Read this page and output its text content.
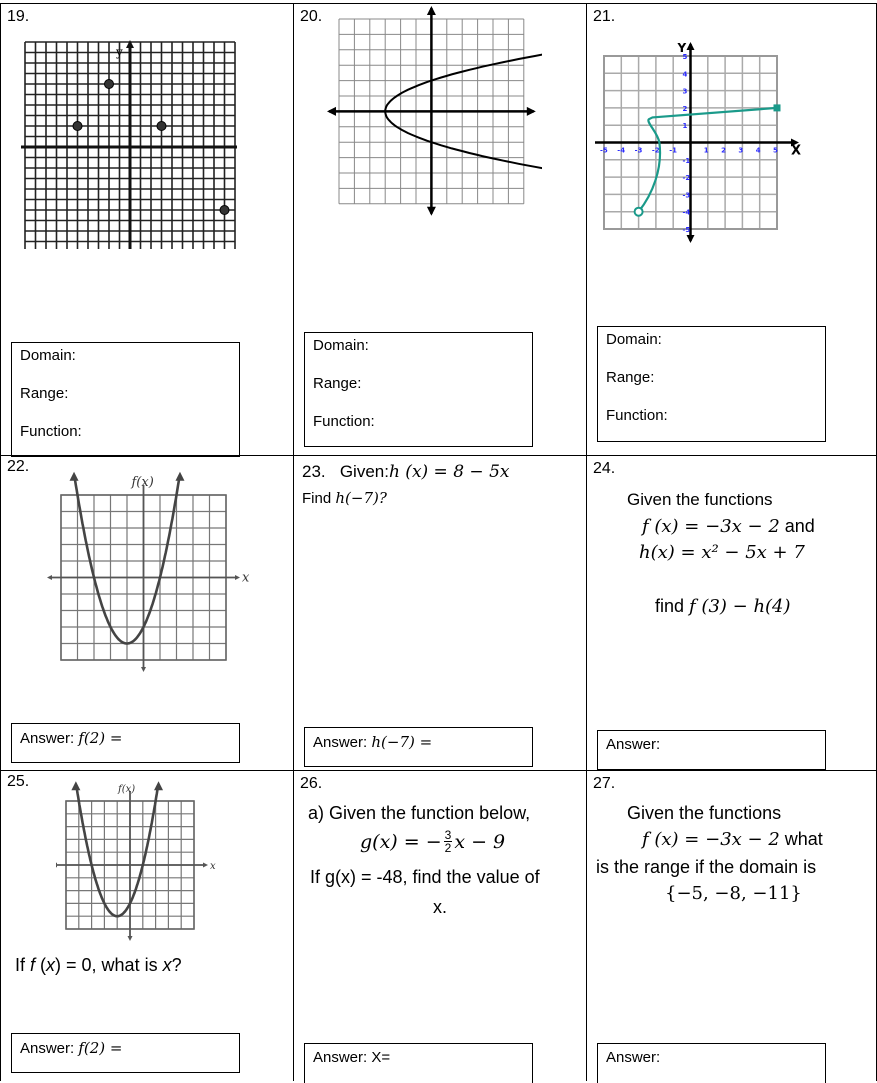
19.
y
Domain:
Range:
Function:
20.
Domain:
Range:
Function:
21.
X
Y
-5 -4 -3 -2 -1	1 2 3 4 5
5
4
3
2
1
-1
-2
-3
-4
-5
Domain:
Range:
Function:
22.
x
f(x)
Answer: f(2) =
23. Given:h (x) = 8 − 5x
Find h(−7)?
Answer: h(−7) =
24.
Given the functions
f (x) = −3x − 2 and
h(x) = x² − 5x + 7
find f (3) − h(4)
Answer:
25.
x
f(x)
If f (x) = 0, what is x?
Answer: f(2) =
26.
a) Given the function below,
g(x) = − $\frac{3}{2}$ x − 9
If g(x) = -48, find the value of
x.
Answer: X=
27.
Given the functions
f (x) = −3x − 2 what
is the range if the domain is
{−5, −8, −11}
Answer:
